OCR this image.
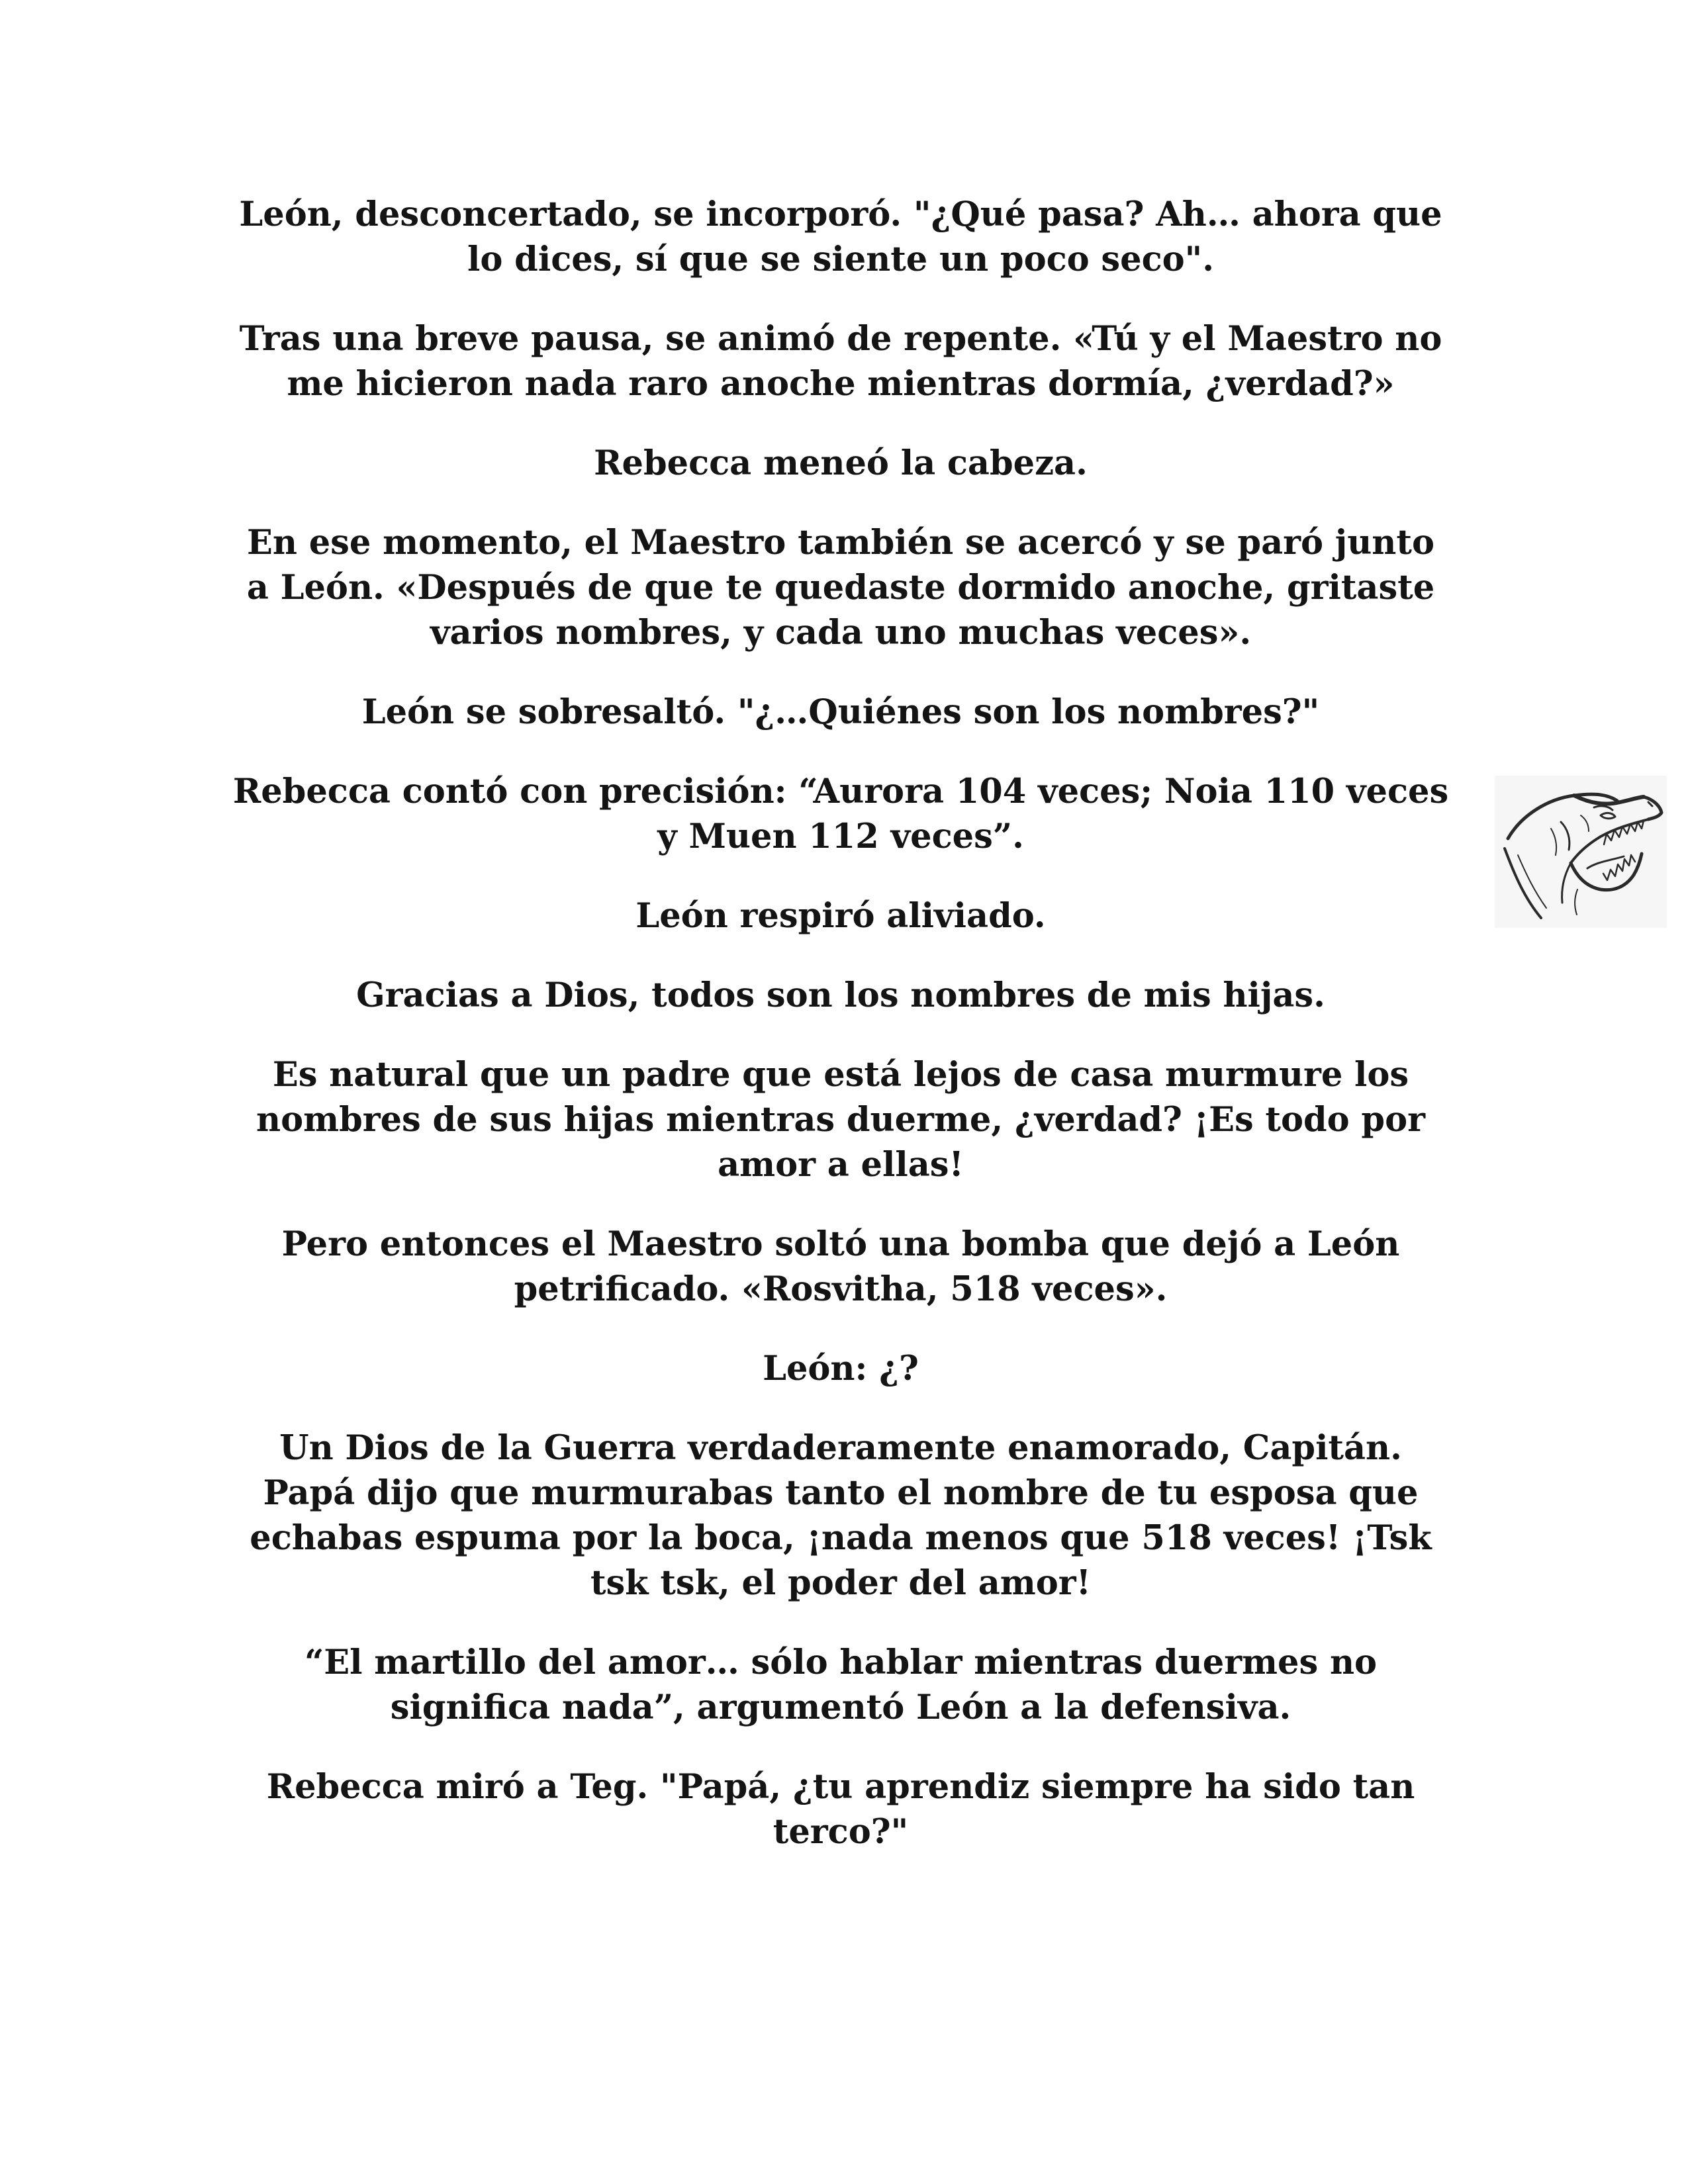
León, desconcertado, se incorporó. "¿Qué pasa? Ah… ahora que lo dices, sí que se siente un poco seco".

Tras una breve pausa, se animó de repente. «Tú y el Maestro no me hicieron nada raro anoche mientras dormía, ¿verdad?»

Rebecca meneó la cabeza.

En ese momento, el Maestro también se acercó y se paró junto a León. «Después de que te quedaste dormido anoche, gritaste varios nombres, y cada uno muchas veces».

León se sobresaltó. "¿…Quiénes son los nombres?"

Rebecca contó con precisión: “Aurora 104 veces; Noia 110 veces y Muen 112 veces”.

León respiró aliviado.

Gracias a Dios, todos son los nombres de mis hijas.

Es natural que un padre que está lejos de casa murmure los nombres de sus hijas mientras duerme, ¿verdad? ¡Es todo por amor a ellas!

Pero entonces el Maestro soltó una bomba que dejó a León petrificado. «Rosvitha, 518 veces».

León: ¿?

Un Dios de la Guerra verdaderamente enamorado, Capitán. Papá dijo que murmurabas tanto el nombre de tu esposa que echabas espuma por la boca, ¡nada menos que 518 veces! ¡Tsk tsk tsk, el poder del amor!

“El martillo del amor… sólo hablar mientras duermes no significa nada”, argumentó León a la defensiva.

Rebecca miró a Teg. "Papá, ¿tu aprendiz siempre ha sido tan terco?"
